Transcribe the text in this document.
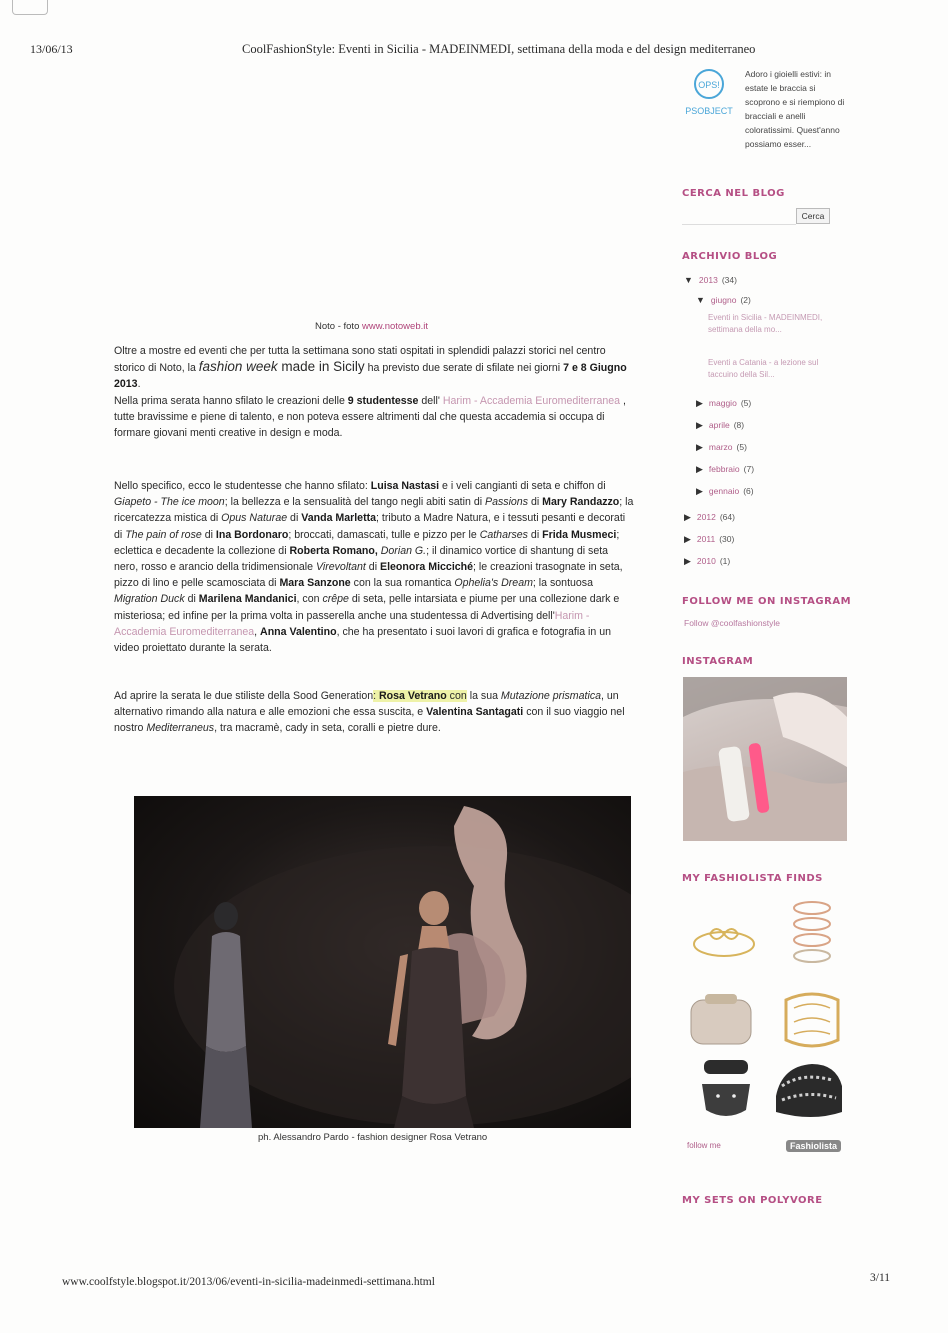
13/06/13	CoolFashionStyle: Eventi in Sicilia - MADEINMEDI, settimana della moda e del design mediterraneo
www.coolfstyle.blogspot.it/2013/06/eventi-in-sicilia-madeinmedi-settimana.html	3/11
Noto - foto www.notoweb.it
Oltre a mostre ed eventi che per tutta la settimana sono stati ospitati in splendidi palazzi storici nel centro storico di Noto, la fashion week made in Sicily ha previsto due serate di sfilate nei giorni 7 e 8 Giugno 2013.
Nella prima serata hanno sfilato le creazioni delle 9 studentesse dell' Harim - Accademia Euromediterranea , tutte bravissime e piene di talento, e non poteva essere altrimenti dal che questa accademia si occupa di formare giovani menti creative in design e moda.
Nello specifico, ecco le studentesse che hanno sfilato: Luisa Nastasi e i veli cangianti di seta e chiffon di Giapeto - The ice moon; la bellezza e la sensualità del tango negli abiti satin di Passions di Mary Randazzo; la ricercatezza mistica di Opus Naturae di Vanda Marletta; tributo a Madre Natura, e i tessuti pesanti e decorati di The pain of rose di Ina Bordonaro; broccati, damascati, tulle e pizzo per le Catharses di Frida Musmeci; eclettica e decadente la collezione di Roberta Romano, Dorian G.; il dinamico vortice di shantung di seta nero, rosso e arancio della tridimensionale Virevoltant di Eleonora Micciché; le creazioni trasognate in seta, pizzo di lino e pelle scamosciata di Mara Sanzone con la sua romantica Ophelia's Dream; la sontuosa Migration Duck di Marilena Mandanici, con crêpe di seta, pelle intarsiata e piume per una collezione dark e misteriosa; ed infine per la prima volta in passerella anche una studentessa di Advertising dell'Harim - Accademia Euromediterranea, Anna Valentino, che ha presentato i suoi lavori di grafica e fotografia in un video proiettato durante la serata.
Ad aprire la serata le due stiliste della Sood Generation: Rosa Vetrano con la sua Mutazione prismatica, un alternativo rimando alla natura e alle emozioni che essa suscita, e Valentina Santagati con il suo viaggio nel nostro Mediterraneus, tra macramè, cady in seta, coralli e pietre dure.
ph. Alessandro Pardo - fashion designer Rosa Vetrano
OPS!
PSOBJECT
Adoro i gioielli estivi: in estate le braccia si scoprono e si riempiono di bracciali e anelli coloratissimi. Quest'anno possiamo esser...
CERCA NEL BLOG
Cerca
ARCHIVIO BLOG
▼ 2013 (34)
▼ giugno (2)
Eventi in Sicilia - MADEINMEDI, settimana della mo...
Eventi a Catania - a lezione sul taccuino della Sil...
▶ maggio (5)
▶ aprile (8)
▶ marzo (5)
▶ febbraio (7)
▶ gennaio (6)
▶ 2012 (64)
▶ 2011 (30)
▶ 2010 (1)
FOLLOW ME ON INSTAGRAM
Follow @coolfashionstyle
INSTAGRAM
MY FASHIOLISTA FINDS
follow me	Fashiolista
MY SETS ON POLYVORE
